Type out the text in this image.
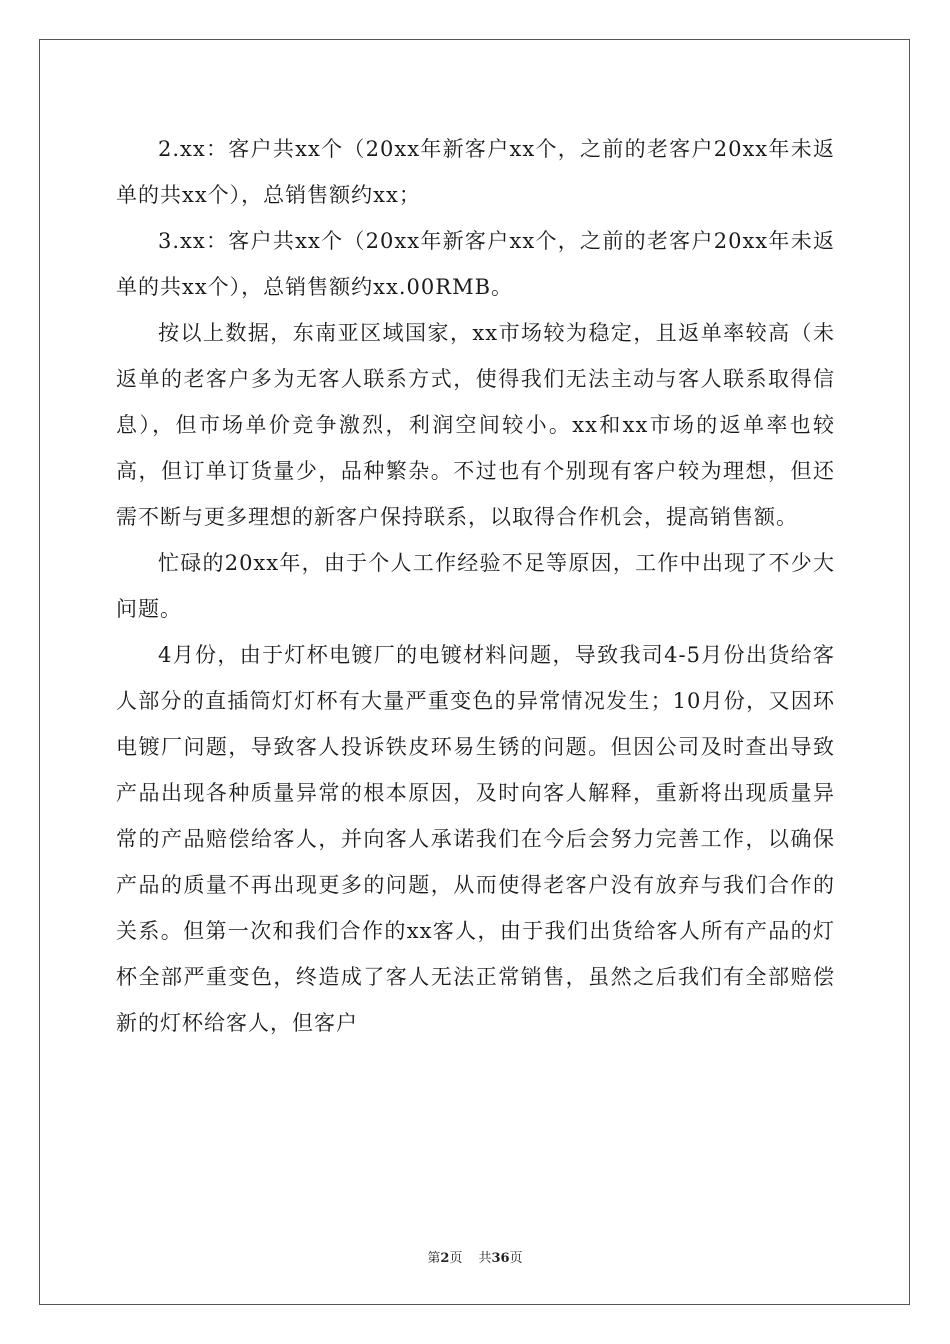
2.xx：客户共xx个（20xx年新客户xx个，之前的老客户20xx年未返单的共xx个），总销售额约xx；

3.xx：客户共xx个（20xx年新客户xx个，之前的老客户20xx年未返单的共xx个），总销售额约xx.00RMB。

按以上数据，东南亚区域国家，xx市场较为稳定，且返单率较高（未返单的老客户多为无客人联系方式，使得我们无法主动与客人联系取得信息），但市场单价竞争激烈，利润空间较小。xx和xx市场的返单率也较高，但订单订货量少，品种繁杂。不过也有个别现有客户较为理想，但还需不断与更多理想的新客户保持联系，以取得合作机会，提高销售额。

忙碌的20xx年，由于个人工作经验不足等原因，工作中出现了不少大问题。

4月份，由于灯杯电镀厂的电镀材料问题，导致我司4-5月份出货给客人部分的直插筒灯灯杯有大量严重变色的异常情况发生；10月份，又因环电镀厂问题，导致客人投诉铁皮环易生锈的问题。但因公司及时查出导致产品出现各种质量异常的根本原因，及时向客人解释，重新将出现质量异常的产品赔偿给客人，并向客人承诺我们在今后会努力完善工作，以确保产品的质量不再出现更多的问题，从而使得老客户没有放弃与我们合作的关系。但第一次和我们合作的xx客人，由于我们出货给客人所有产品的灯杯全部严重变色，终造成了客人无法正常销售，虽然之后我们有全部赔偿新的灯杯给客人，但客户

第2页 共36页
